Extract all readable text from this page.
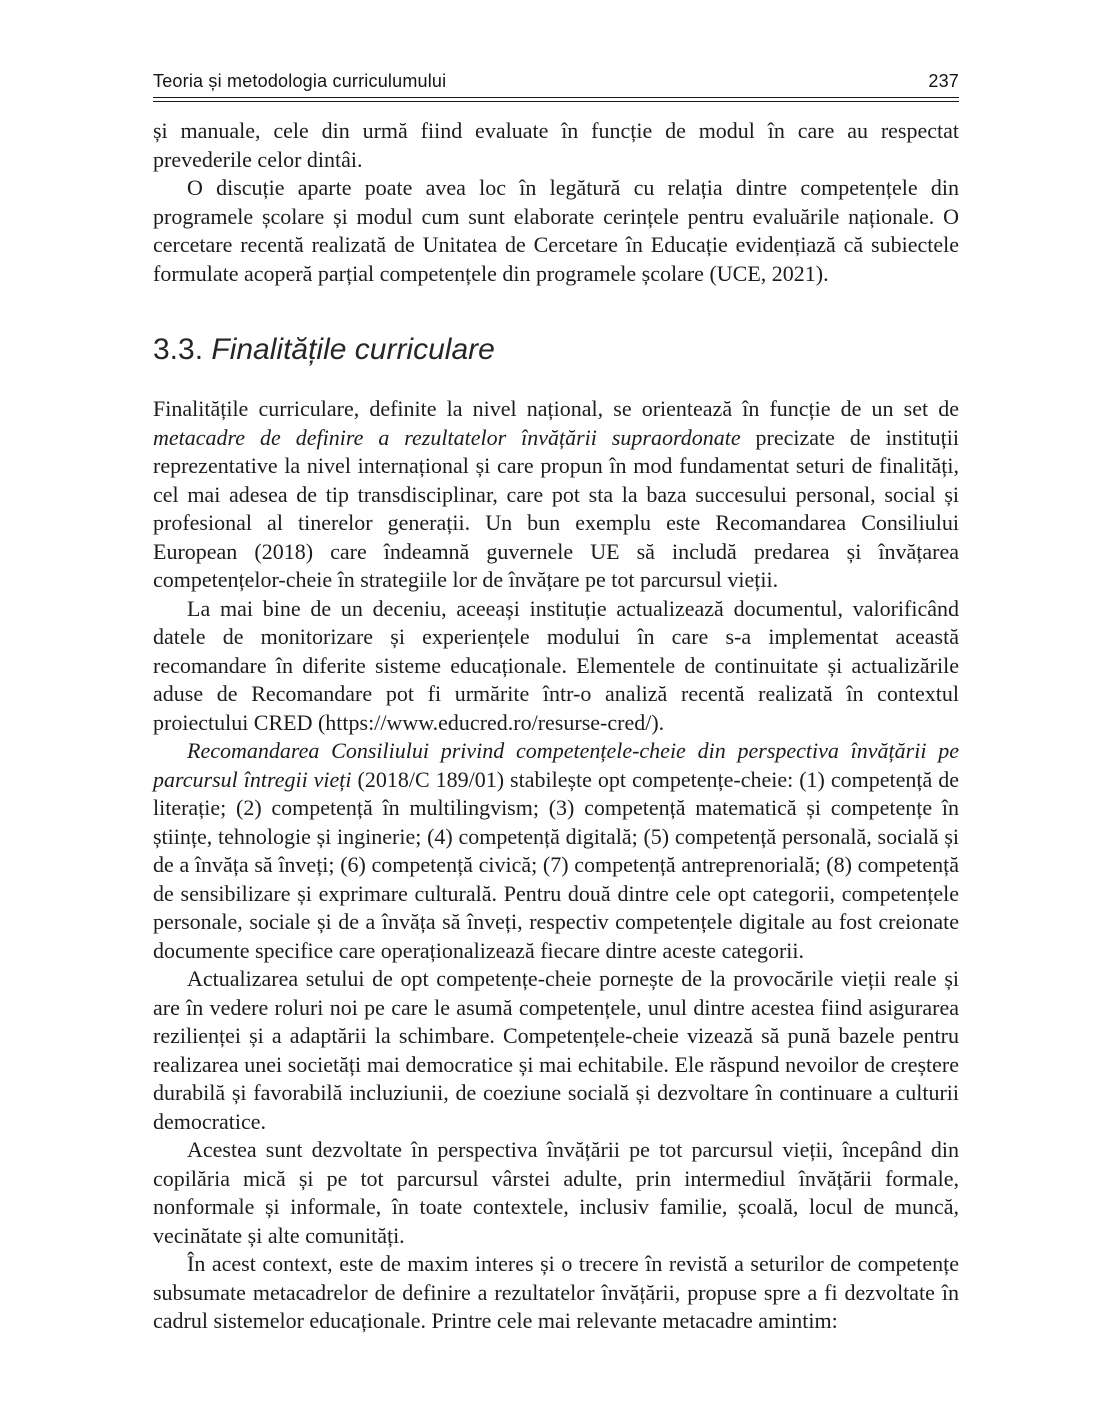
Teoria și metodologia curriculumului	237

și manuale, cele din urmă fiind evaluate în funcție de modul în care au respectat prevederile celor dintâi.

O discuție aparte poate avea loc în legătură cu relația dintre competențele din programele școlare și modul cum sunt elaborate cerințele pentru evaluările naționale. O cercetare recentă realizată de Unitatea de Cercetare în Educație evidențiază că subiectele formulate acoperă parțial competențele din programele școlare (UCE, 2021).

3.3. Finalitățile curriculare

Finalitățile curriculare, definite la nivel național, se orientează în funcție de un set de metacadre de definire a rezultatelor învățării supraordonate precizate de instituții reprezentative la nivel internațional și care propun în mod fundamentat seturi de finalități, cel mai adesea de tip transdisciplinar, care pot sta la baza succesului personal, social și profesional al tinerelor generații. Un bun exemplu este Recomandarea Consiliului European (2018) care îndeamnă guvernele UE să includă predarea și învățarea competențelor-cheie în strategiile lor de învățare pe tot parcursul vieții.

La mai bine de un deceniu, aceeași instituție actualizează documentul, valorificând datele de monitorizare și experiențele modului în care s-a implementat această recomandare în diferite sisteme educaționale. Elementele de continuitate și actualizările aduse de Recomandare pot fi urmărite într-o analiză recentă realizată în contextul proiectului CRED (https://www.educred.ro/resurse-cred/).

Recomandarea Consiliului privind competențele-cheie din perspectiva învățării pe parcursul întregii vieți (2018/C 189/01) stabilește opt competențe-cheie: (1) competență de literație; (2) competență în multilingvism; (3) competență matematică și competențe în științe, tehnologie și inginerie; (4) competență digitală; (5) competență personală, socială și de a învăța să înveți; (6) competență civică; (7) competență antreprenorială; (8) competență de sensibilizare și exprimare culturală. Pentru două dintre cele opt categorii, competențele personale, sociale și de a învăța să înveți, respectiv competențele digitale au fost creionate documente specifice care operaționalizează fiecare dintre aceste categorii.

Actualizarea setului de opt competențe-cheie pornește de la provocările vieții reale și are în vedere roluri noi pe care le asumă competențele, unul dintre acestea fiind asigurarea rezilienței și a adaptării la schimbare. Competențele-cheie vizează să pună bazele pentru realizarea unei societăți mai democratice și mai echitabile. Ele răspund nevoilor de creștere durabilă și favorabilă incluziunii, de coeziune socială și dezvoltare în continuare a culturii democratice.

Acestea sunt dezvoltate în perspectiva învățării pe tot parcursul vieții, începând din copilăria mică și pe tot parcursul vârstei adulte, prin intermediul învățării formale, nonformale și informale, în toate contextele, inclusiv familie, școală, locul de muncă, vecinătate și alte comunități.

În acest context, este de maxim interes și o trecere în revistă a seturilor de competențe subsumate metacadrelor de definire a rezultatelor învățării, propuse spre a fi dezvoltate în cadrul sistemelor educaționale. Printre cele mai relevante metacadre amintim:
